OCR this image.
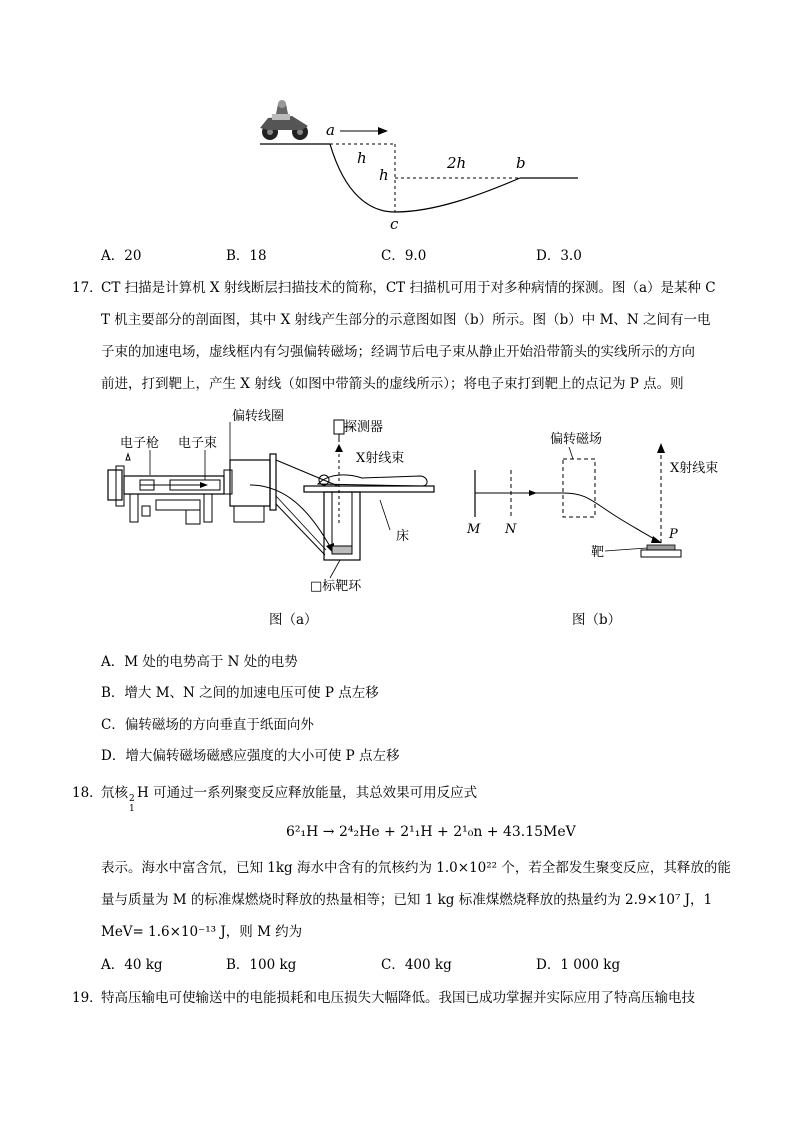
a
h
h
2h	b
c
A．20	B．18	C．9.0	D．3.0
17．
CT 扫描是计算机 X 射线断层扫描技术的简称，CT 扫描机可用于对多种病情的探测。图（a）是某种 C
T 机主要部分的剖面图，其中 X 射线产生部分的示意图如图（b）所示。图（b）中 M、N 之间有一电
子束的加速电场，虚线框内有匀强偏转磁场；经调节后电子束从静止开始沿带箭头的实线所示的方向
前进，打到靶上，产生 X 射线（如图中带箭头的虚线所示）；将电子束打到靶上的点记为 P 点。则
偏转线圈
探测器
电子枪 电子束
X射线束
床
□标靶环
图（a）
偏转磁场
X射线束
M N	P
靶
图（b）
A．M 处的电势高于 N 处的电势
B．增大 M、N 之间的加速电压可使 P 点左移
C．偏转磁场的方向垂直于纸面向外
D．增大偏转磁场磁感应强度的大小可使 P 点左移
18．
氘核 2
1
H 可通过一系列聚变反应释放能量，其总效果可用反应式
6²₁H → 2⁴₂He + 2¹₁H + 2¹₀n + 43.15MeV
表示。海水中富含氘，已知 1kg 海水中含有的氘核约为 1.0×10²² 个，若全都发生聚变反应，其释放的能
量与质量为 M 的标准煤燃烧时释放的热量相等；已知 1 kg 标准煤燃烧释放的热量约为 2.9×10⁷ J，1
MeV= 1.6×10⁻¹³ J，则 M 约为
A．40 kg	B．100 kg	C．400 kg	D．1 000 kg
19．
特高压输电可使输送中的电能损耗和电压损失大幅降低。我国已成功掌握并实际应用了特高压输电技
